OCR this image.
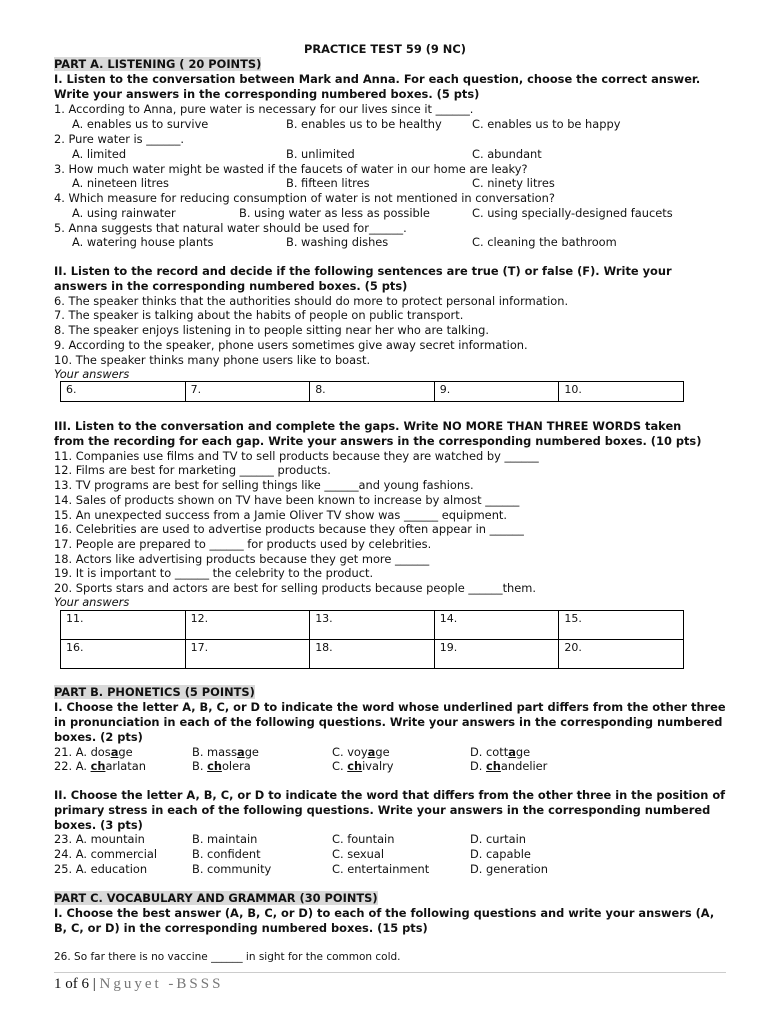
PRACTICE TEST 59 (9 NC)
PART A. LISTENING ( 20 POINTS)
I. Listen to the conversation between Mark and Anna. For each question, choose the correct answer.
Write your answers in the corresponding numbered boxes. (5 pts)
1. According to Anna, pure water is necessary for our lives since it ______.
A. enables us to survive	B. enables us to be healthy	C. enables us to be happy
2. Pure water is ______.
A. limited	B. unlimited	C. abundant
3. How much water might be wasted if the faucets of water in our home are leaky?
A. nineteen litres	B. fifteen litres	C. ninety litres
4. Which measure for reducing consumption of water is not mentioned in conversation?
A. using rainwater	B. using water as less as possible	C. using specially-designed faucets
5. Anna suggests that natural water should be used for______.
A. watering house plants	B. washing dishes	C. cleaning the bathroom
II. Listen to the record and decide if the following sentences are true (T) or false (F). Write your
answers in the corresponding numbered boxes. (5 pts)
6. The speaker thinks that the authorities should do more to protect personal information.
7. The speaker is talking about the habits of people on public transport.
8. The speaker enjoys listening in to people sitting near her who are talking.
9. According to the speaker, phone users sometimes give away secret information.
10. The speaker thinks many phone users like to boast.
Your answers
6.	7.	8.	9.	10.
III. Listen to the conversation and complete the gaps. Write NO MORE THAN THREE WORDS taken
from the recording for each gap. Write your answers in the corresponding numbered boxes. (10 pts)
11. Companies use films and TV to sell products because they are watched by ______
12. Films are best for marketing ______ products.
13. TV programs are best for selling things like ______and young fashions.
14. Sales of products shown on TV have been known to increase by almost ______
15. An unexpected success from a Jamie Oliver TV show was ______ equipment.
16. Celebrities are used to advertise products because they often appear in ______
17. People are prepared to ______ for products used by celebrities.
18. Actors like advertising products because they get more ______
19. It is important to ______ the celebrity to the product.
20. Sports stars and actors are best for selling products because people ______them.
Your answers
11.	12.	13.	14.	15.
16.	17.	18.	19.	20.
PART B. PHONETICS (5 POINTS)
I. Choose the letter A, B, C, or D to indicate the word whose underlined part differs from the other three
in pronunciation in each of the following questions. Write your answers in the corresponding numbered
boxes. (2 pts)
21. A. dosage	B. massage	C. voyage	D. cottage
22. A. charlatan	B. cholera	C. chivalry	D. chandelier
II. Choose the letter A, B, C, or D to indicate the word that differs from the other three in the position of
primary stress in each of the following questions. Write your answers in the corresponding numbered
boxes. (3 pts)
23. A. mountain	B. maintain	C. fountain	D. curtain
24. A. commercial	B. confident	C. sexual	D. capable
25. A. education	B. community	C. entertainment	D. generation
PART C. VOCABULARY AND GRAMMAR (30 POINTS)
I. Choose the best answer (A, B, C, or D) to each of the following questions and write your answers (A,
B, C, or D) in the corresponding numbered boxes. (15 pts)
26. So far there is no vaccine ______ in sight for the common cold.
1 of 6 | Nguyet -BSSS
